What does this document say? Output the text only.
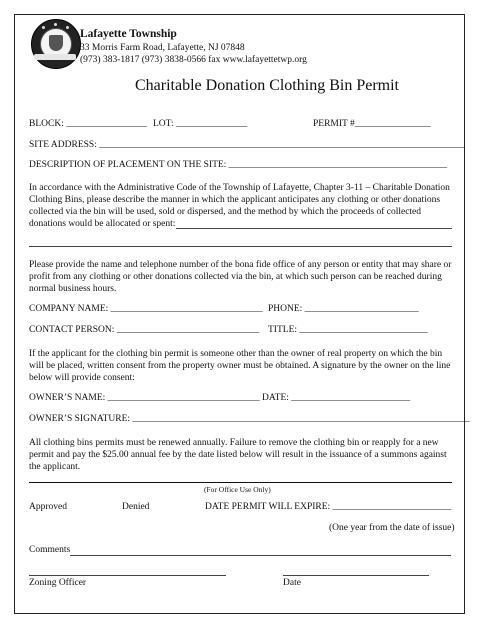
Lafayette Township
33 Morris Farm Road, Lafayette, NJ 07848
(973) 383-1817 (973) 3838-0566 fax www.lafayettetwp.org
Charitable Donation Clothing Bin Permit
BLOCK: _________________ LOT: _______________	PERMIT #________________
SITE ADDRESS: _____________________________________________________________________________
DESCRIPTION OF PLACEMENT ON THE SITE: ______________________________________________
In accordance with the Administrative Code of the Township of Lafayette, Chapter 3-11 – Charitable Donation Clothing Bins, please describe the manner in which the applicant anticipates any clothing or other donations collected via the bin will be used, sold or dispersed, and the method by which the proceeds of collected donations would be allocated or spent:
Please provide the name and telephone number of the bona fide office of any person or entity that may share or profit from any clothing or other donations collected via the bin, at which such person can be reached during normal business hours.
COMPANY NAME: ________________________________ PHONE: ________________________
CONTACT PERSON: ______________________________ TITLE: ___________________________
If the applicant for the clothing bin permit is someone other than the owner of real property on which the bin will be placed, written consent from the property owner must be obtained. A signature by the owner on the line below will provide consent:
OWNER’S NAME: ________________________________ DATE: _________________________
OWNER’S SIGNATURE: _______________________________________________________________________
All clothing bins permits must be renewed annually. Failure to remove the clothing bin or reapply for a new permit and pay the $25.00 annual fee by the date listed below will result in the issuance of a summons against the applicant.
(For Office Use Only)
Approved	Denied	DATE PERMIT WILL EXPIRE: _________________________
(One year from the date of issue)
Comments
Zoning Officer	Date
